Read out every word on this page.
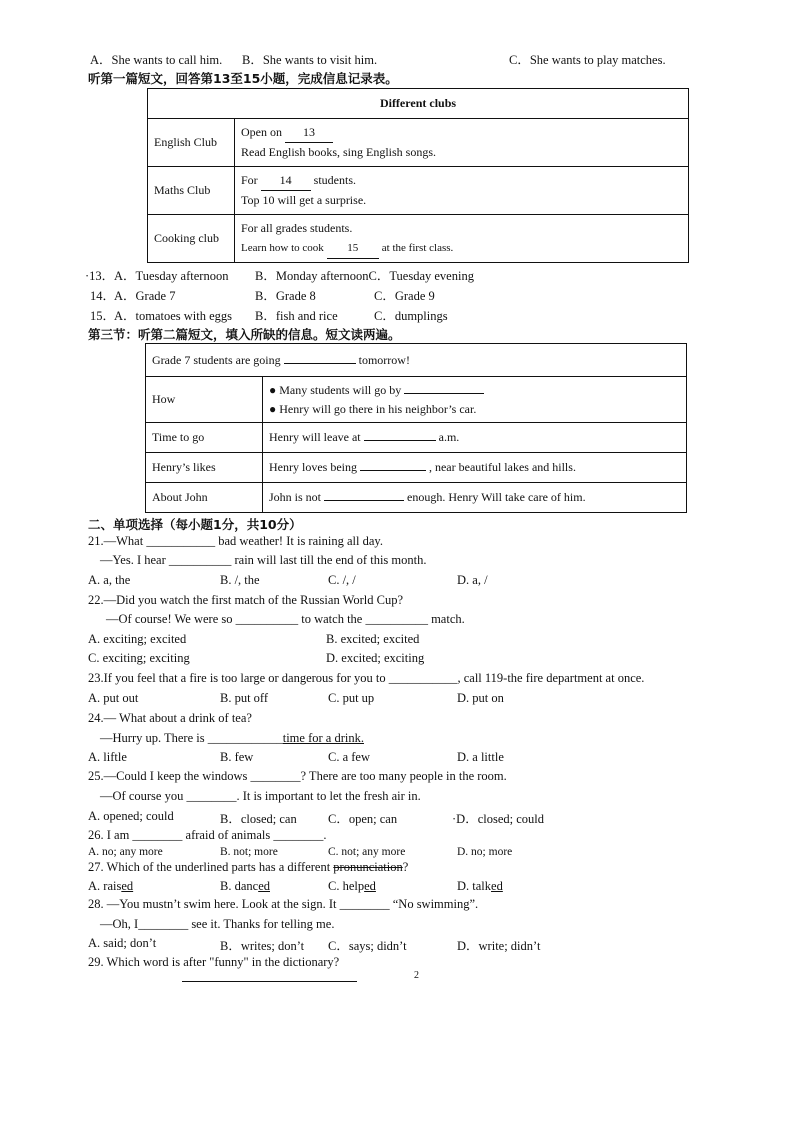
A．She wants to call him. B．She wants to visit him.	C．She wants to play matches.
听第一篇短文，回答第13至15小题，完成信息记录表。
Different clubs	
English Club	Open on 13
Read English books, sing English songs.
Maths Club	For 14 students.
Top 10 will get a surprise.
Cooking club	For all grades students.
Learn how to cook 15 at the first class.
·13． A．Tuesday afternoon B．Monday afternoonC．Tuesday evening
14．
A．Grade 7	B．Grade 8	C．Grade 9
15．
A．tomatoes with eggs B．fish and rice	C．dumplings
第三节：听第二篇短文，填入所缺的信息。短文读两遍。
Grade 7 students are going tomorrow!	
How	● Many students will go by
● Henry will go there in his neighbor’s car.
Time to go	Henry will leave at a.m.
Henry’s likes	Henry loves being , near beautiful lakes and hills.
About John	John is not enough. Henry Will take care of him.
二、单项选择（每小题1分，共10分）
21.—What ___________ bad weather! It is raining all day.
—Yes. I hear __________ rain will last till the end of this month.
A. a, the	B. /, the	C. /, /	D. a, /
22.—Did you watch the first match of the Russian World Cup?
—Of course! We were so __________ to watch the __________ match.
A. exciting; excited	B. excited; excited
C. exciting; exciting	D. excited; exciting
23.If you feel that a fire is too large or dangerous for you to ___________, call 119-the fire department at once.
A. put out	B. put off	C. put up	D. put on
24.— What about a drink of tea?
—Hurry up. There is ____________time for a drink.
A. liftle	B. few	C. a few	D. a little
25.—Could I keep the windows ________? There are too many people in the room.
—Of course you ________. It is important to let the fresh air in.
A. opened; could	B．closed; can	C．open; can	·D．closed; could
26. I am ________ afraid of animals ________.
A. no; any more	B. not; more	C. not; any more	D. no; more
27. Which of the underlined parts has a different pronunciation?
A. raised	B. danced	C. helped	D. talked
28. —You mustn’t swim here. Look at the sign. It ________ “No swimming”.
—Oh, I________ see it. Thanks for telling me.
A. said; don’t	B．writes; don’t C．says; didn’t	D．write; didn’t
29. Which word is after "funny" in the dictionary?
2
